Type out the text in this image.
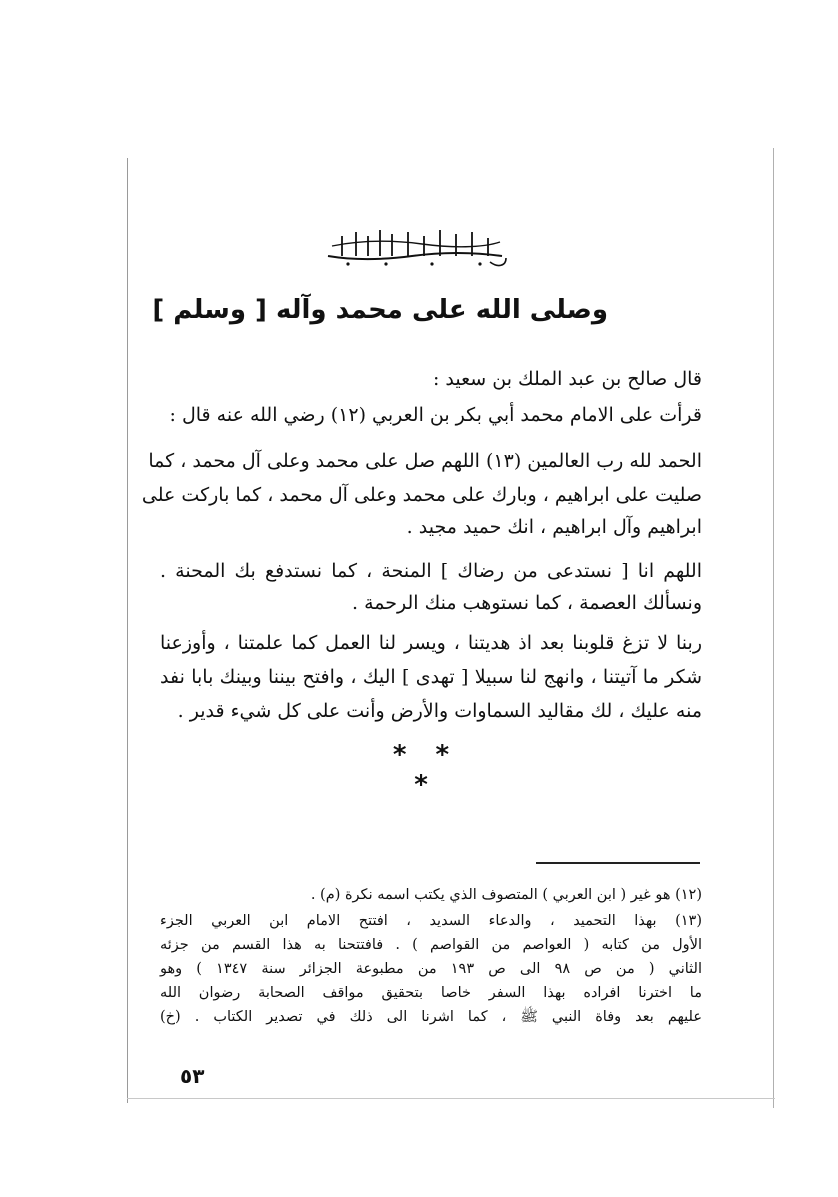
وصلى الله على محمد وآله [ وسلم ]
قال صالح بن عبد الملك بن سعيد :
قرأت على الامام محمد أبي بكر بن العربي (١٢) رضي الله عنه قال :
الحمد لله رب العالمين (١٣) اللهم صل على محمد وعلى آل محمد ، كما
صليت على ابراهيم ، وبارك على محمد وعلى آل محمد ، كما باركت على
ابراهيم وآل ابراهيم ، انك حميد مجيد .
اللهم انا [ نستدعى من رضاك ] المنحة ، كما نستدفع بك المحنة .
ونسألك العصمة ، كما نستوهب منك الرحمة .
ربنا لا تزغ قلوبنا بعد اذ هديتنا ، ويسر لنا العمل كما علمتنا ، وأوزعنا
شكر ما آتيتنا ، وانهج لنا سبيلا [ تهدى ] اليك ، وافتح بيننا وبينك بابا نفد
منه عليك ، لك مقاليد السماوات والأرض وأنت على كل شيء قدير .
* * *
(١٢) هو غير ( ابن العربي ) المتصوف الذي يكتب اسمه نكرة (م) .
(١٣) بهذا التحميد ، والدعاء السديد ، افتتح الامام ابن العربي الجزء
الأول من كتابه ( العواصم من القواصم ) . فافتتحنا به هذا القسم من جزئه
الثاني ( من ص ٩٨ الى ص ١٩٣ من مطبوعة الجزائر سنة ١٣٤٧ ) وهو
ما اخترنا افراده بهذا السفر خاصا بتحقيق مواقف الصحابة رضوان الله
عليهم بعد وفاة النبي ﷺ ، كما اشرنا الى ذلك في تصدير الكتاب . (خ)
٥٣
